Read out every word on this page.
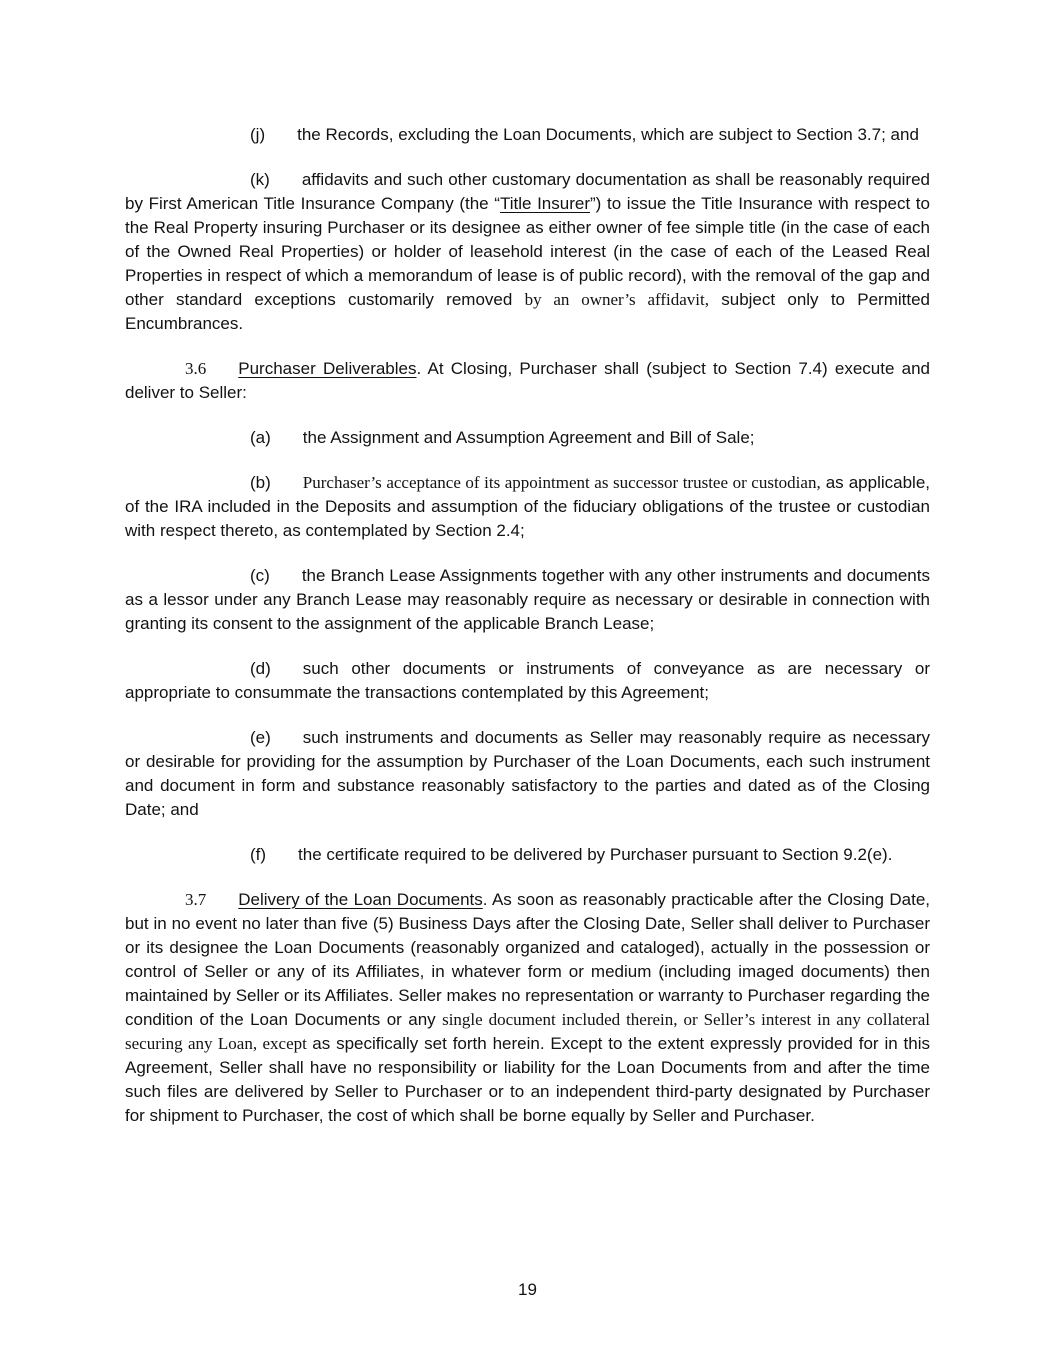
(j) the Records, excluding the Loan Documents, which are subject to Section 3.7; and

(k) affidavits and such other customary documentation as shall be reasonably required by First American Title Insurance Company (the “Title Insurer”) to issue the Title Insurance with respect to the Real Property insuring Purchaser or its designee as either owner of fee simple title (in the case of each of the Owned Real Properties) or holder of leasehold interest (in the case of each of the Leased Real Properties in respect of which a memorandum of lease is of public record), with the removal of the gap and other standard exceptions customarily removed by an owner’s affidavit, subject only to Permitted Encumbrances.

3.6 Purchaser Deliverables. At Closing, Purchaser shall (subject to Section 7.4) execute and deliver to Seller:

(a) the Assignment and Assumption Agreement and Bill of Sale;

(b) Purchaser’s acceptance of its appointment as successor trustee or custodian, as applicable, of the IRA included in the Deposits and assumption of the fiduciary obligations of the trustee or custodian with respect thereto, as contemplated by Section 2.4;

(c) the Branch Lease Assignments together with any other instruments and documents as a lessor under any Branch Lease may reasonably require as necessary or desirable in connection with granting its consent to the assignment of the applicable Branch Lease;

(d) such other documents or instruments of conveyance as are necessary or appropriate to consummate the transactions contemplated by this Agreement;

(e) such instruments and documents as Seller may reasonably require as necessary or desirable for providing for the assumption by Purchaser of the Loan Documents, each such instrument and document in form and substance reasonably satisfactory to the parties and dated as of the Closing Date; and

(f) the certificate required to be delivered by Purchaser pursuant to Section 9.2(e).

3.7 Delivery of the Loan Documents. As soon as reasonably practicable after the Closing Date, but in no event no later than five (5) Business Days after the Closing Date, Seller shall deliver to Purchaser or its designee the Loan Documents (reasonably organized and cataloged), actually in the possession or control of Seller or any of its Affiliates, in whatever form or medium (including imaged documents) then maintained by Seller or its Affiliates. Seller makes no representation or warranty to Purchaser regarding the condition of the Loan Documents or any single document included therein, or Seller’s interest in any collateral securing any Loan, except as specifically set forth herein. Except to the extent expressly provided for in this Agreement, Seller shall have no responsibility or liability for the Loan Documents from and after the time such files are delivered by Seller to Purchaser or to an independent third-party designated by Purchaser for shipment to Purchaser, the cost of which shall be borne equally by Seller and Purchaser.

19
